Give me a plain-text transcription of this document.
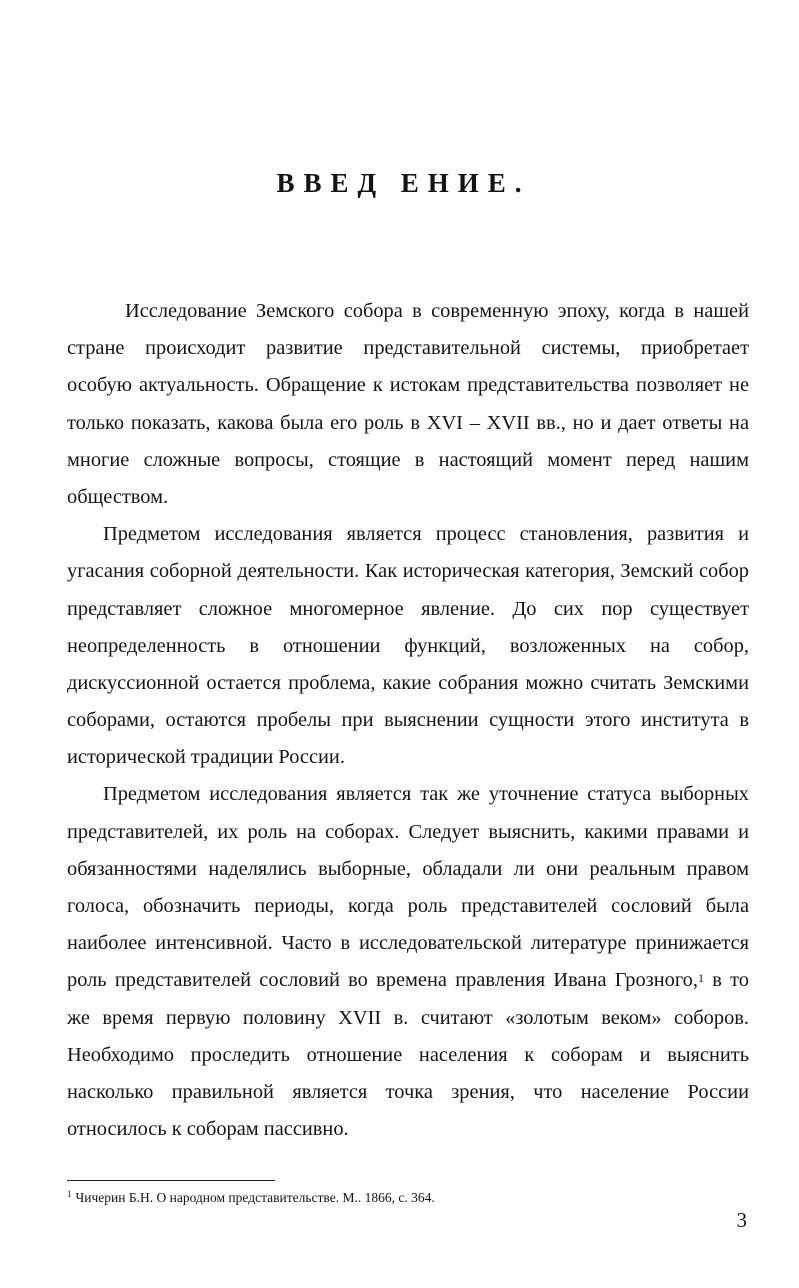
ВВЕД ЕНИЕ.
Исследование Земского собора в современную эпоху, когда в нашей
стране происходит развитие представительной системы, приобретает
особую актуальность. Обращение к истокам представительства позволяет не
только показать, какова была его роль в XVI – XVII вв., но и дает ответы на
многие сложные вопросы, стоящие в настоящий момент перед нашим
обществом.
Предметом исследования является процесс становления, развития и
угасания соборной деятельности. Как историческая категория, Земский собор
представляет сложное многомерное явление. До сих пор существует
неопределенность в отношении функций, возложенных на собор,
дискуссионной остается проблема, какие собрания можно считать Земскими
соборами, остаются пробелы при выяснении сущности этого института в
исторической традиции России.
Предметом исследования является так же уточнение статуса выборных
представителей, их роль на соборах. Следует выяснить, какими правами и
обязанностями наделялись выборные, обладали ли они реальным правом
голоса, обозначить периоды, когда роль представителей сословий была
наиболее интенсивной. Часто в исследовательской литературе принижается
роль представителей сословий во времена правления Ивана Грозного,$^1$ в то
же время первую половину XVII в. считают «золотым веком» соборов.
Необходимо проследить отношение населения к соборам и выяснить
насколько правильной является точка зрения, что население России
относилось к соборам пассивно.
$^1$ Чичерин Б.Н. О народном представительстве. М.. 1866, с. 364.
3
